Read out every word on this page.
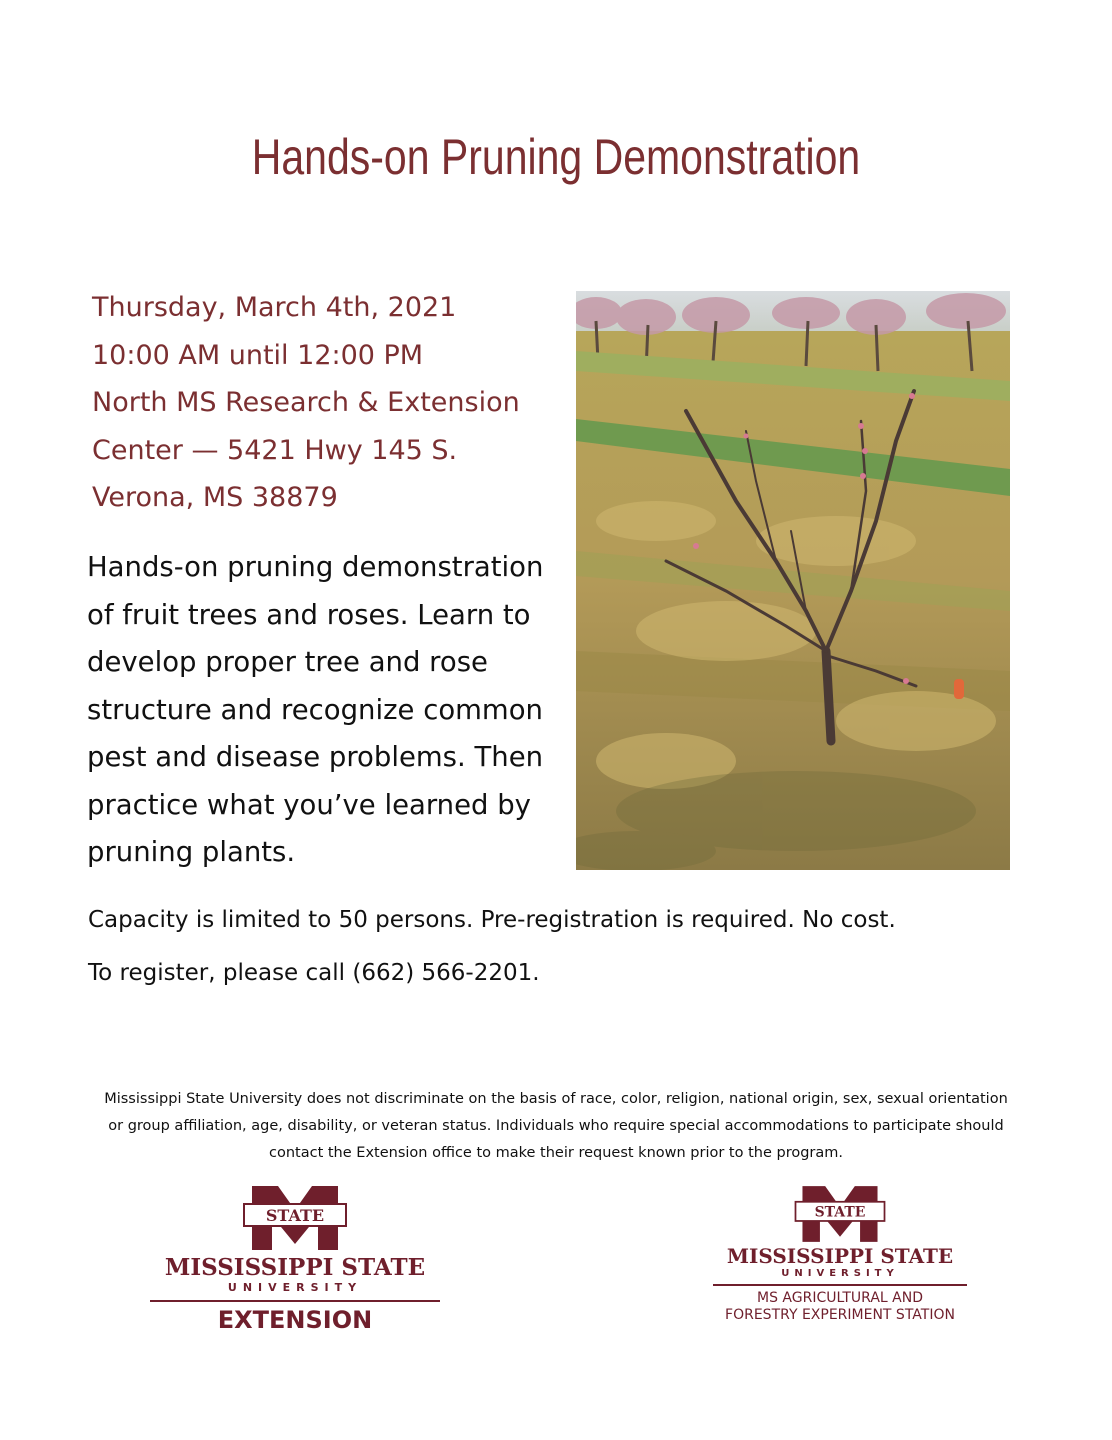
Hands-on Pruning Demonstration
Thursday, March 4th, 2021
10:00 AM until 12:00 PM
North MS Research & Extension
Center — 5421 Hwy 145 S.
Verona, MS 38879
Hands-on pruning demonstration
of fruit trees and roses. Learn to
develop proper tree and rose
structure and recognize common
pest and disease problems. Then
practice what you’ve learned by
pruning plants.
Capacity is limited to 50 persons. Pre-registration is required. No cost.
To register, please call (662) 566-2201.
Mississippi State University does not discriminate on the basis of race, color, religion, national origin, sex, sexual orientation
or group affiliation, age, disability, or veteran status. Individuals who require special accommodations to participate should
contact the Extension office to make their request known prior to the program.
STATE
MISSISSIPPI STATE
UNIVERSITY
EXTENSION
STATE
MISSISSIPPI STATE
UNIVERSITY
MS AGRICULTURAL AND
FORESTRY EXPERIMENT STATION
